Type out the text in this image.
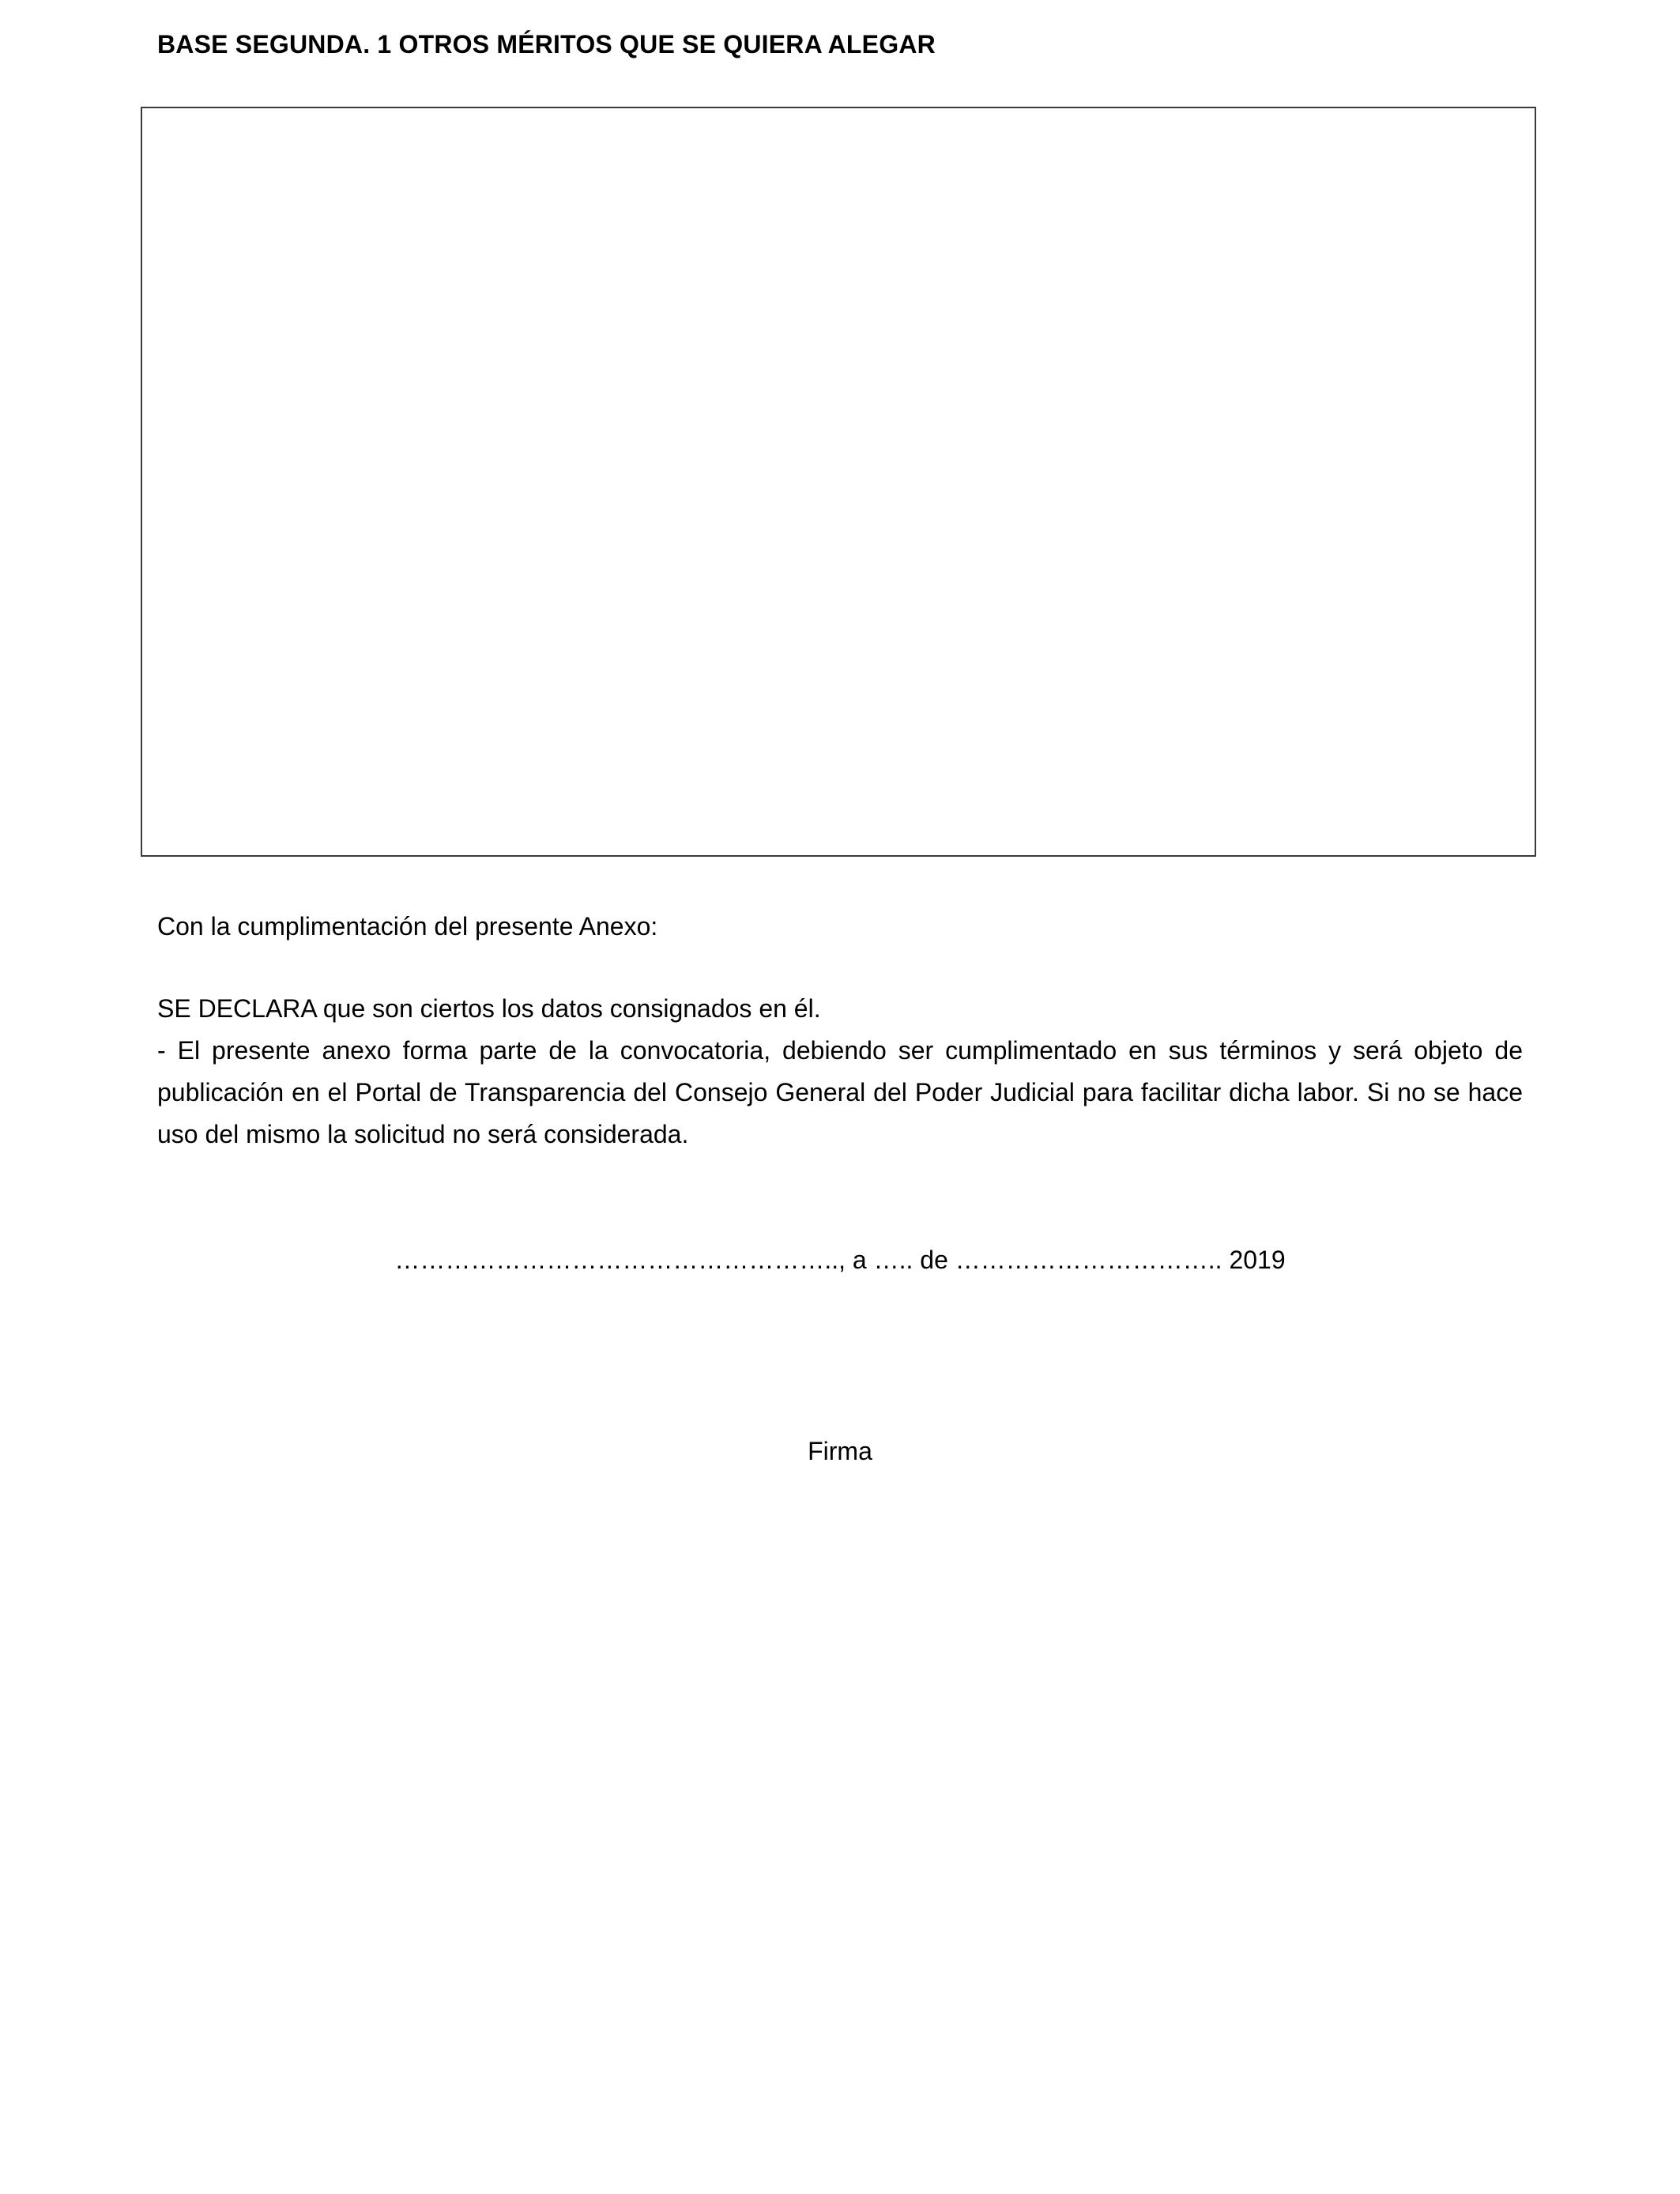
BASE SEGUNDA. 1 OTROS MÉRITOS QUE SE QUIERA ALEGAR
Con la cumplimentación del presente Anexo:

SE DECLARA que son ciertos los datos consignados en él.

- El presente anexo forma parte de la convocatoria, debiendo ser cumplimentado en sus términos y será objeto de publicación en el Portal de Transparencia del Consejo General del Poder Judicial para facilitar dicha labor. Si no se hace uso del mismo la solicitud no será considerada.

…………………………………………….., a ….. de ………………………….. 2019
Firma
